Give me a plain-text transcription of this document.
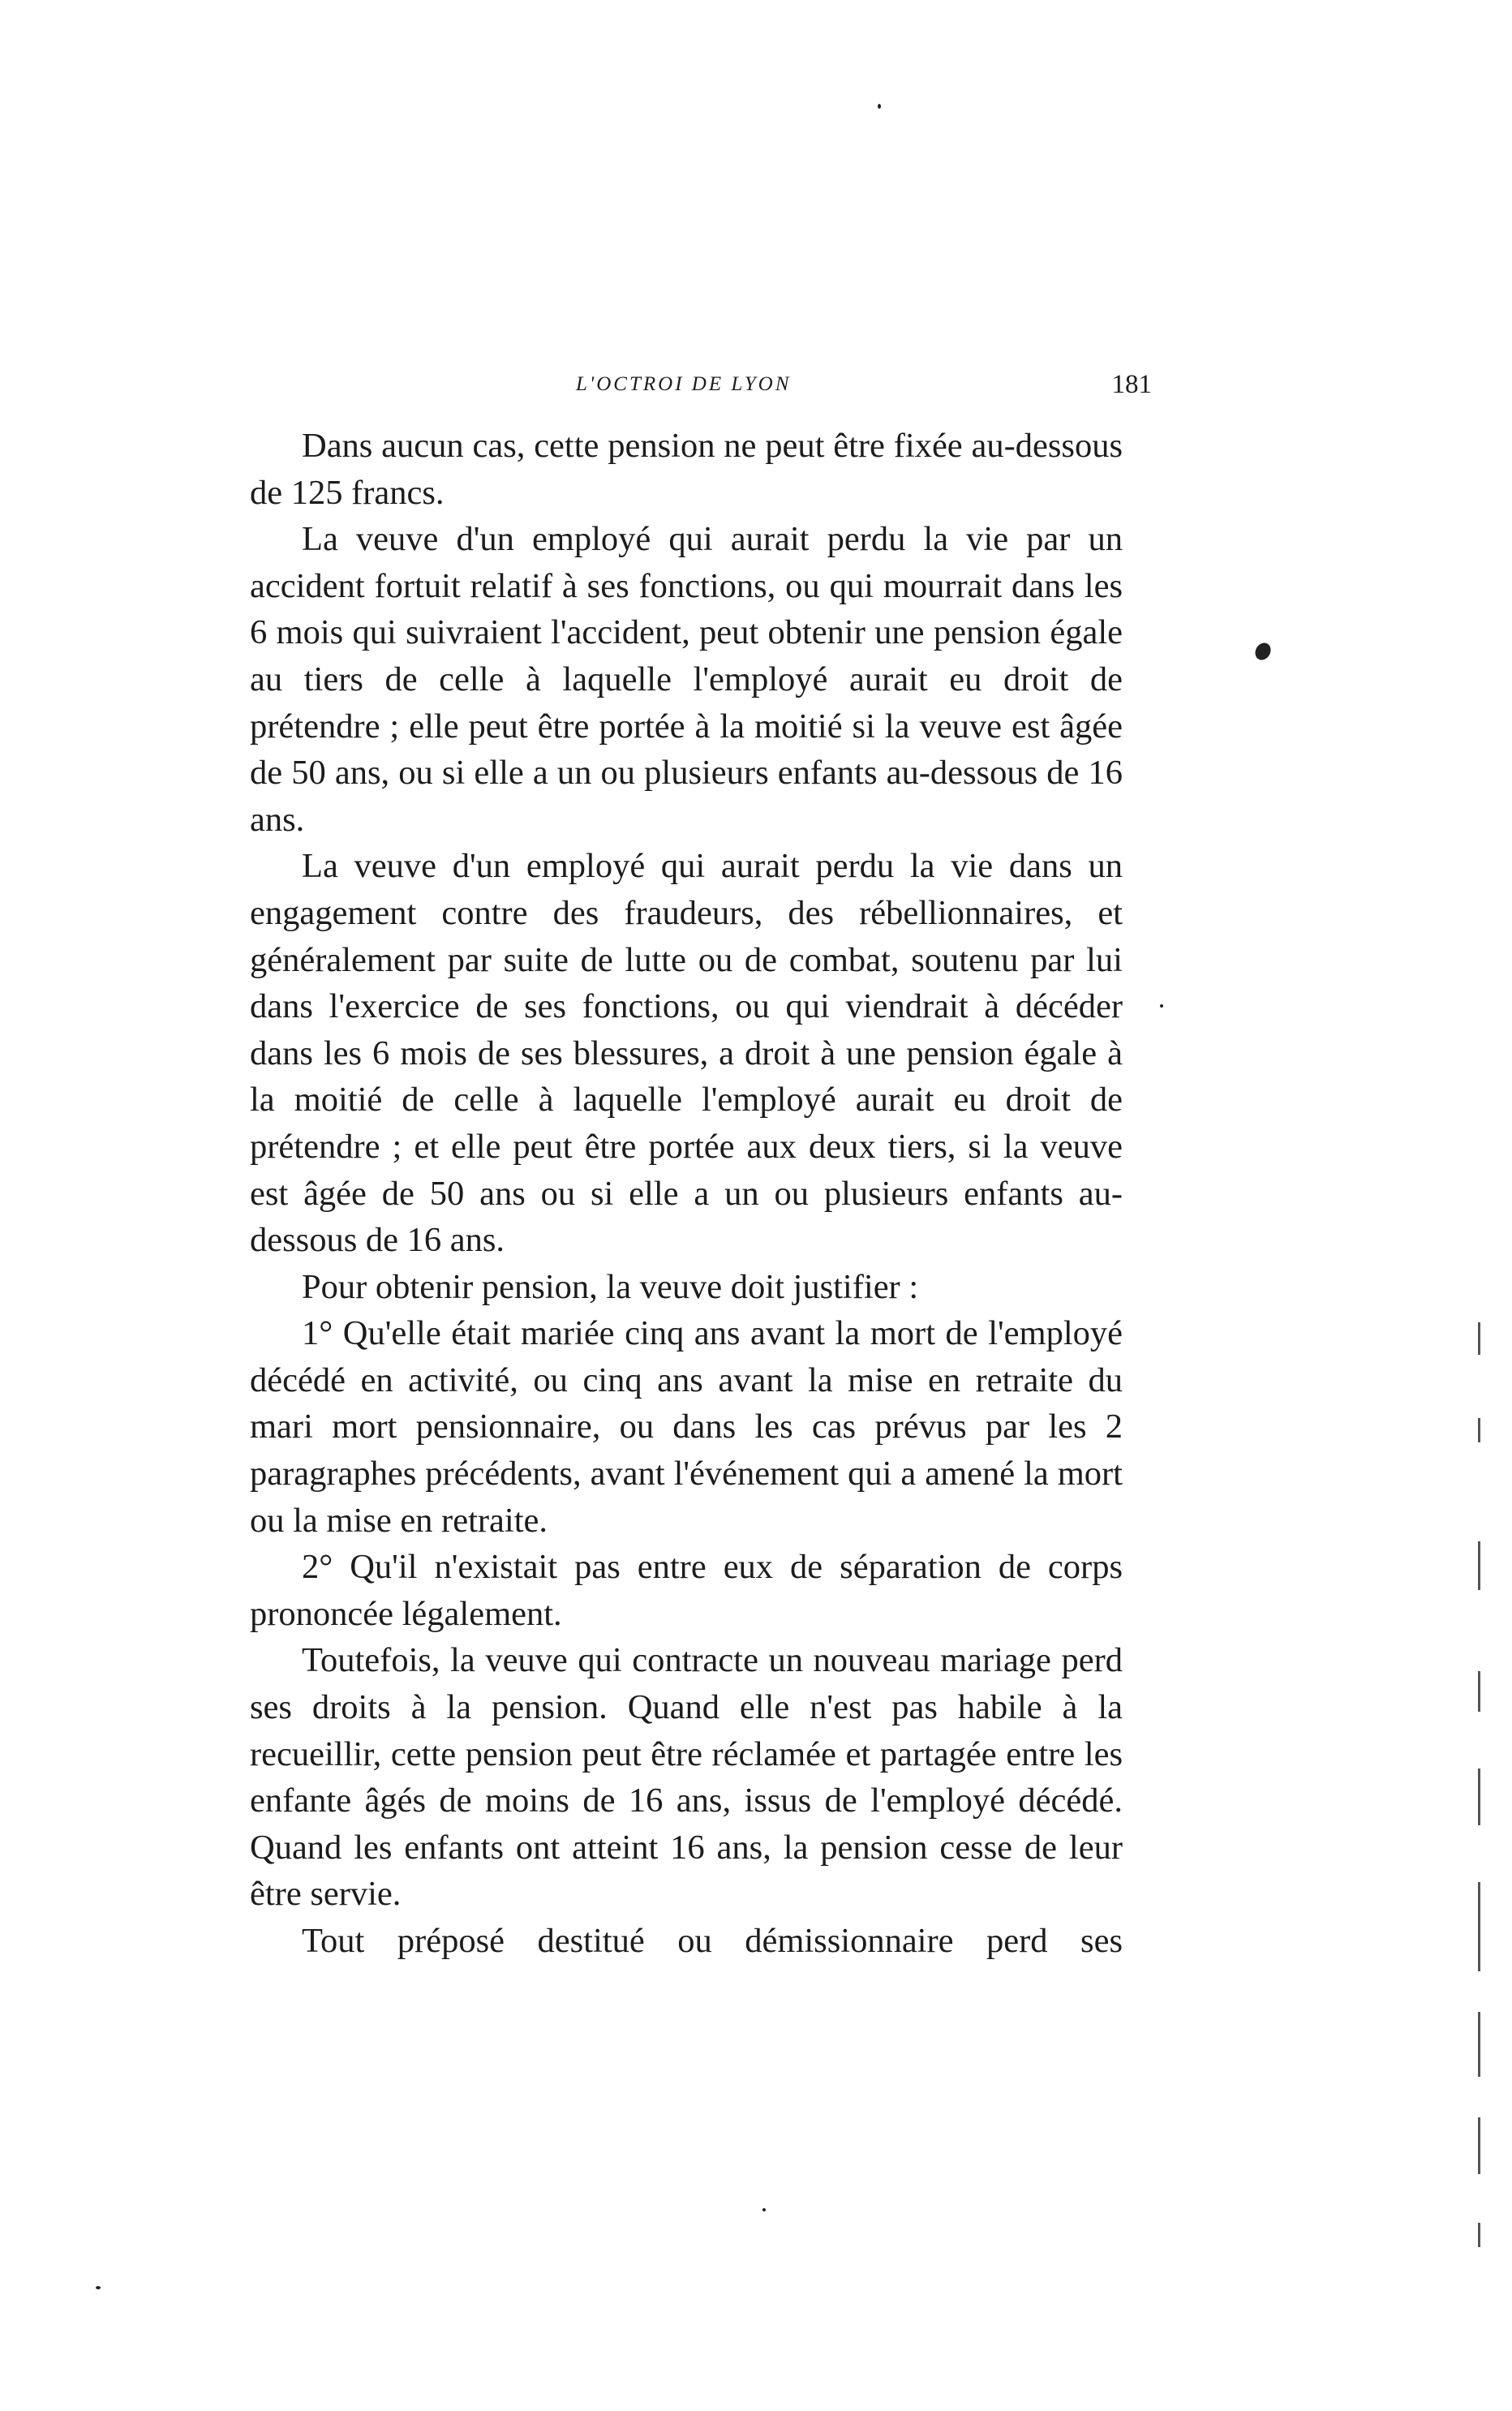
L'OCTROI DE LYON	181

Dans aucun cas, cette pension ne peut être fixée au-dessous de 125 francs.

La veuve d'un employé qui aurait perdu la vie par un accident fortuit relatif à ses fonctions, ou qui mourrait dans les 6 mois qui suivraient l'accident, peut obtenir une pension égale au tiers de celle à laquelle l'employé aurait eu droit de prétendre ; elle peut être portée à la moitié si la veuve est âgée de 50 ans, ou si elle a un ou plusieurs enfants au-dessous de 16 ans.

La veuve d'un employé qui aurait perdu la vie dans un engagement contre des fraudeurs, des rébellionnaires, et généralement par suite de lutte ou de combat, soutenu par lui dans l'exercice de ses fonctions, ou qui viendrait à décéder dans les 6 mois de ses blessures, a droit à une pension égale à la moitié de celle à laquelle l'employé aurait eu droit de prétendre ; et elle peut être portée aux deux tiers, si la veuve est âgée de 50 ans ou si elle a un ou plusieurs enfants au-dessous de 16 ans.

Pour obtenir pension, la veuve doit justifier :

1° Qu'elle était mariée cinq ans avant la mort de l'employé décédé en activité, ou cinq ans avant la mise en retraite du mari mort pensionnaire, ou dans les cas prévus par les 2 paragraphes précédents, avant l'événement qui a amené la mort ou la mise en retraite.

2° Qu'il n'existait pas entre eux de séparation de corps prononcée légalement.

Toutefois, la veuve qui contracte un nouveau mariage perd ses droits à la pension. Quand elle n'est pas habile à la recueillir, cette pension peut être réclamée et partagée entre les enfante âgés de moins de 16 ans, issus de l'employé décédé. Quand les enfants ont atteint 16 ans, la pension cesse de leur être servie.

Tout préposé destitué ou démissionnaire perd ses
